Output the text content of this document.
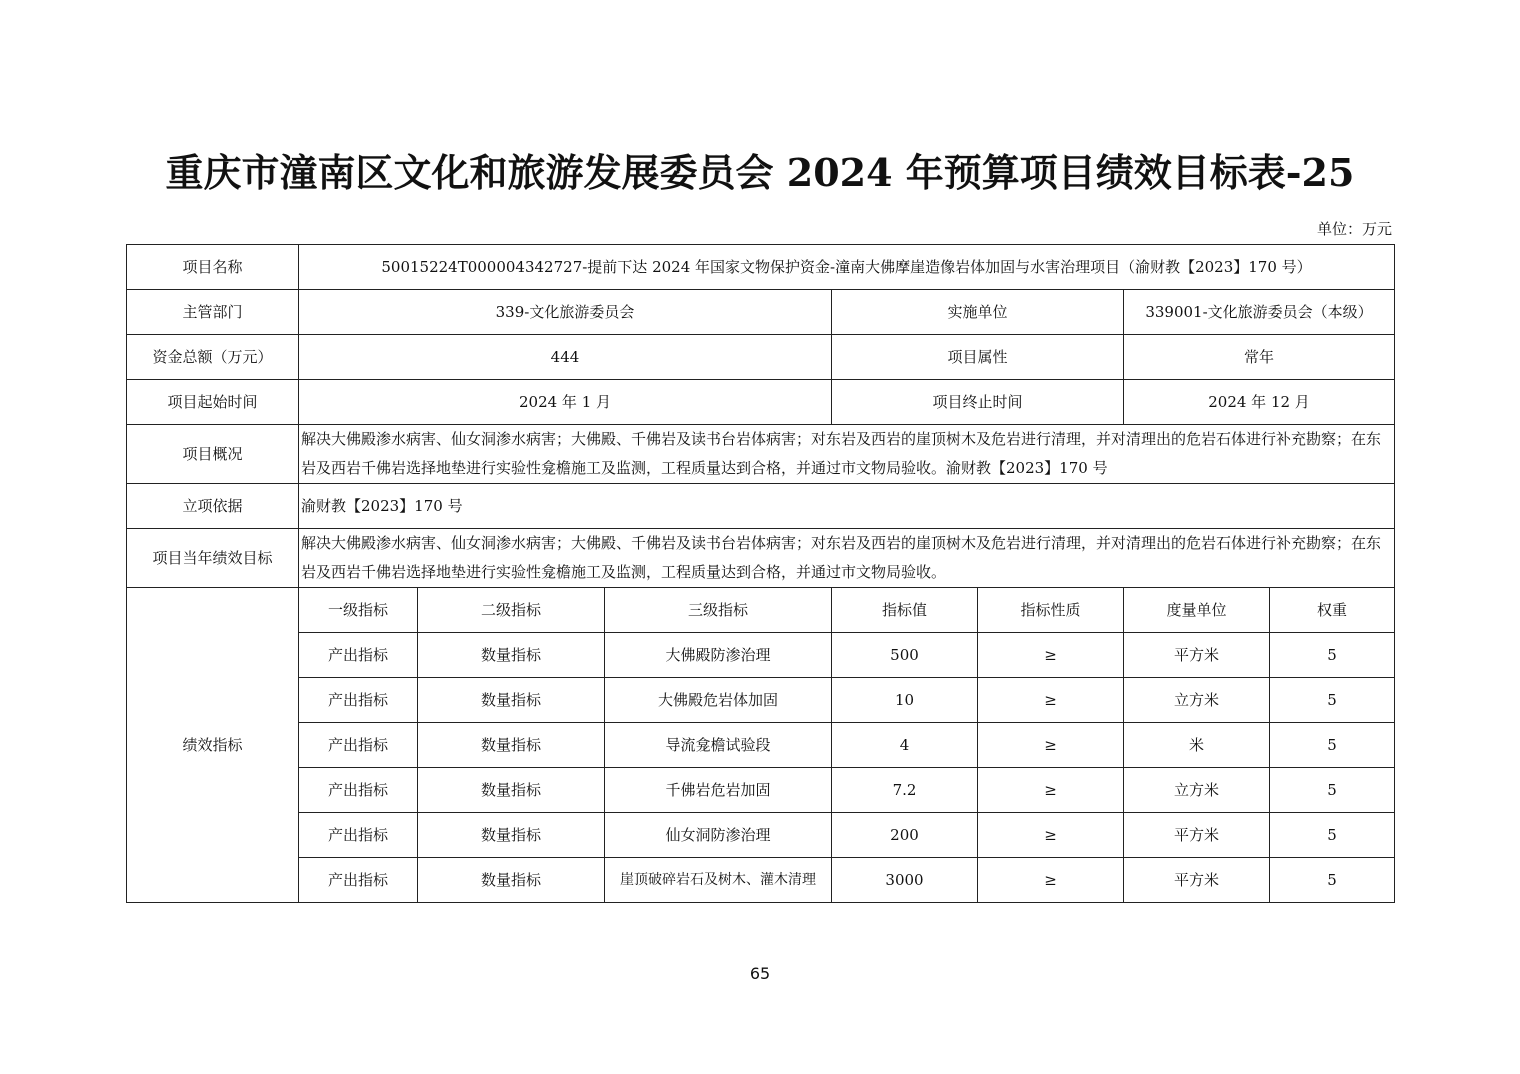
重庆市潼南区文化和旅游发展委员会 2024 年预算项目绩效目标表-25
单位：万元
项目名称	50015224T000004342727-提前下达 2024 年国家文物保护资金-潼南大佛摩崖造像岩体加固与水害治理项目（渝财教【2023】170 号）						
主管部门	339-文化旅游委员会			实施单位		339001-文化旅游委员会（本级）	
资金总额（万元）	444			项目属性		常年	
项目起始时间	2024 年 1 月			项目终止时间		2024 年 12 月	
项目概况	解决大佛殿渗水病害、仙女洞渗水病害；大佛殿、千佛岩及读书台岩体病害；对东岩及西岩的崖顶树木及危岩进行清理，并对清理出的危岩石体进行补充勘察；在东岩及西岩千佛岩选择地垫进行实验性龛檐施工及监测，工程质量达到合格，并通过市文物局验收。渝财教【2023】170 号						
立项依据	渝财教【2023】170 号						
项目当年绩效目标	解决大佛殿渗水病害、仙女洞渗水病害；大佛殿、千佛岩及读书台岩体病害；对东岩及西岩的崖顶树木及危岩进行清理，并对清理出的危岩石体进行补充勘察；在东岩及西岩千佛岩选择地垫进行实验性龛檐施工及监测，工程质量达到合格，并通过市文物局验收。						
绩效指标	一级指标	二级指标	三级指标	指标值	指标性质	度量单位	权重
	产出指标	数量指标	大佛殿防渗治理	500	≥	平方米	5
	产出指标	数量指标	大佛殿危岩体加固	10	≥	立方米	5
	产出指标	数量指标	导流龛檐试验段	4	≥	米	5
	产出指标	数量指标	千佛岩危岩加固	7.2	≥	立方米	5
	产出指标	数量指标	仙女洞防渗治理	200	≥	平方米	5
	产出指标	数量指标	崖顶破碎岩石及树木、灌木清理	3000	≥	平方米	5
65
